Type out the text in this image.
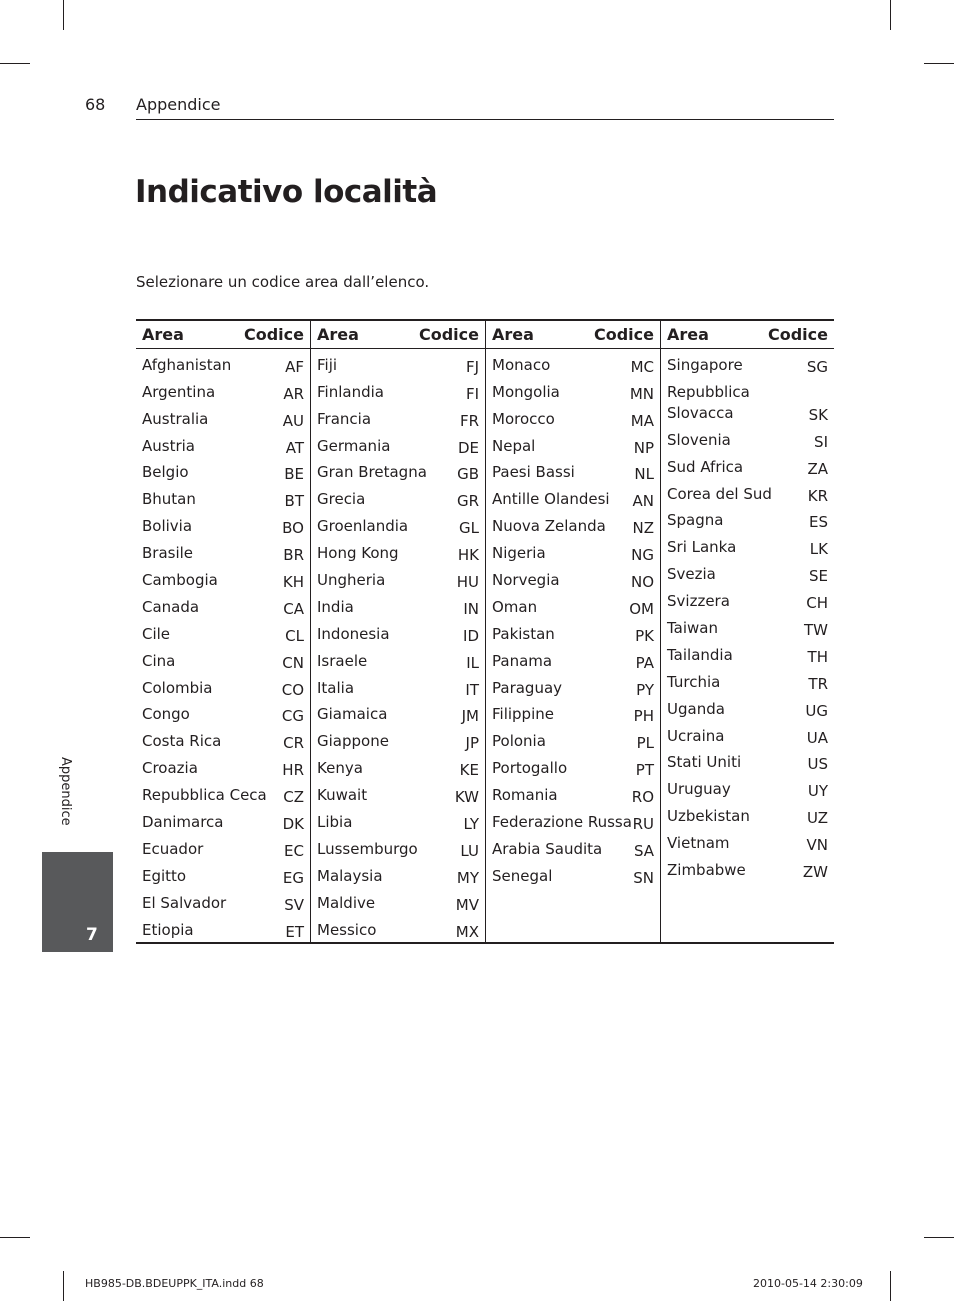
68 Appendice
Indicativo località
Selezionare un codice area dall’elenco.
Area	Codice
Afghanistan	AF
Argentina	AR
Australia	AU
Austria	AT
Belgio	BE
Bhutan	BT
Bolivia	BO
Brasile	BR
Cambogia	KH
Canada	CA
Cile	CL
Cina	CN
Colombia	CO
Congo	CG
Costa Rica	CR
Croazia	HR
Repubblica Ceca CZ
Danimarca	DK
Ecuador	EC
Egitto	EG
El Salvador	SV
Etiopia	ET
Area	Codice
Fiji	FJ
Finlandia	FI
Francia	FR
Germania	DE
Gran Bretagna GB
Grecia	GR
Groenlandia	GL
Hong Kong	HK
Ungheria	HU
India	IN
Indonesia	ID
Israele	IL
Italia	IT
Giamaica	JM
Giappone	JP
Kenya	KE
Kuwait	KW
Libia	LY
Lussemburgo	LU
Malaysia	MY
Maldive	MV
Messico	MX
Area	Codice
Monaco	MC
Mongolia	MN
Morocco	MA
Nepal	NP
Paesi Bassi	NL
Antille Olandesi AN
Nuova Zelanda NZ
Nigeria	NG
Norvegia	NO
Oman	OM
Pakistan	PK
Panama	PA
Paraguay	PY
Filippine	PH
Polonia	PL
Portogallo	PT
Romania	RO
Federazione Russa RU
Arabia Saudita SA
Senegal	SN
Area	Codice
Singapore	SG
Repubblica Slovacca	SK
Slovenia	SI
Sud Africa	ZA
Corea del Sud KR
Spagna	ES
Sri Lanka	LK
Svezia	SE
Svizzera	CH
Taiwan	TW
Tailandia	TH
Turchia	TR
Uganda	UG
Ucraina	UA
Stati Uniti	US
Uruguay	UY
Uzbekistan	UZ
Vietnam	VN
Zimbabwe	ZW
Appendice
7
HB985-DB.BDEUPPK_ITA.indd 68	2010-05-14 2:30:09
